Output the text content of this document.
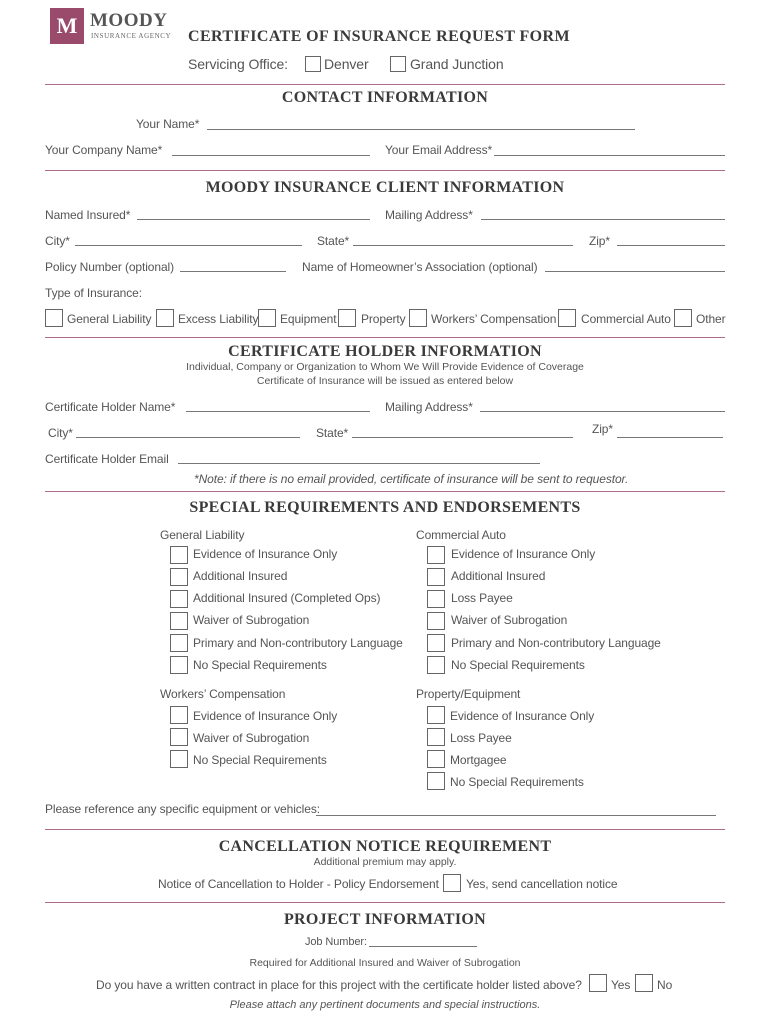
M MOODY
INSURANCE AGENCY CERTIFICATE OF INSURANCE REQUEST FORM
Servicing Office:	Denver	Grand Junction
CONTACT INFORMATION
Your Name*
Your Company Name*	Your Email Address*
MOODY INSURANCE CLIENT INFORMATION
Named Insured*	Mailing Address*
City*	State*	Zip*
Policy Number (optional)	Name of Homeowner’s Association (optional)
Type of Insurance:
General Liability Excess Liability Equipment Property Workers’ Compensation Commercial Auto Other
CERTIFICATE HOLDER INFORMATION
Individual, Company or Organization to Whom We Will Provide Evidence of Coverage
Certificate of Insurance will be issued as entered below
Certificate Holder Name*	Mailing Address*
City*	State*	Zip*
Certificate Holder Email
*Note: if there is no email provided, certificate of insurance will be sent to requestor.
SPECIAL REQUIREMENTS AND ENDORSEMENTS
General Liability
Evidence of Insurance Only
Additional Insured
Additional Insured (Completed Ops)
Waiver of Subrogation
Primary and Non-contributory Language
No Special Requirements
Commercial Auto
Evidence of Insurance Only
Additional Insured
Loss Payee
Waiver of Subrogation
Primary and Non-contributory Language
No Special Requirements
Workers’ Compensation
Evidence of Insurance Only
Waiver of Subrogation
No Special Requirements
Property/Equipment
Evidence of Insurance Only
Loss Payee
Mortgagee
No Special Requirements
Please reference any specific equipment or vehicles:
CANCELLATION NOTICE REQUIREMENT
Additional premium may apply.
Notice of Cancellation to Holder - Policy Endorsement Yes, send cancellation notice
PROJECT INFORMATION
Job Number:
Required for Additional Insured and Waiver of Subrogation
Do you have a written contract in place for this project with the certificate holder listed above? Yes No
Please attach any pertinent documents and special instructions.
